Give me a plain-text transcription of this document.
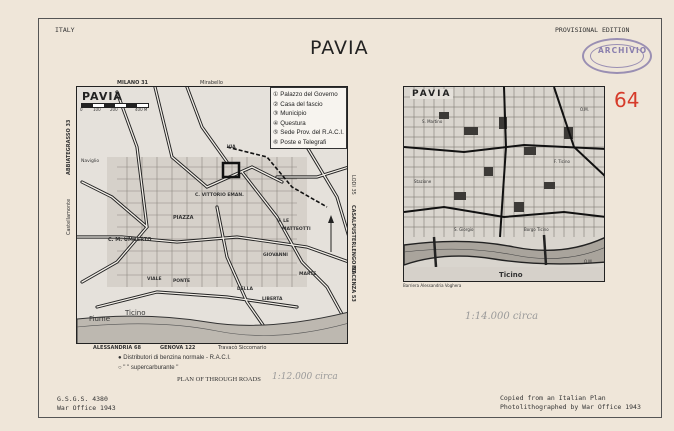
ITALY	PROVISIONAL EDITION
PAVIA
64
ARCHIVIO
PAVIA
0	100 200	400 M
C. M. UMBERTO
PIAZZA
Fiume
Ticino
VIALE	PONTE
DELLA
LIBERTA
Naviglio
C. VITTORIO EMAN.
V. LE
MATTEOTTI
VIA
GIOVANNI
MARTE
MILANO 31	Mirabello
ALESSANDRIA 68	GENOVA 122	Travacò Siccomario
LODI 35
CASALPUSTERLENGO 51
PIACENZA 53
ABBIATEGRASSO 33
Castellamonte
① Palazzo del Governo
② Casa del fascio
③ Municipio
④ Questura
⑤ Sede Prov. del R.A.C.I.
⑥ Poste e Telegrafi
● Distributori di benzina normale - R.A.C.I.
○ " " supercarburante "
PLAN OF THROUGH ROADS 1:12.000 circa
PAVIA
S. Martino
O.M.
F. Ticino
Stazione
Borgo Ticino
S. Giorgio
O.M.
Ticino
Barriera Alessandria Voghera
1:14.000 circa
G.S.G.S. 4380
War Office 1943
Copied from an Italian Plan
Photolithographed by War Office 1943
